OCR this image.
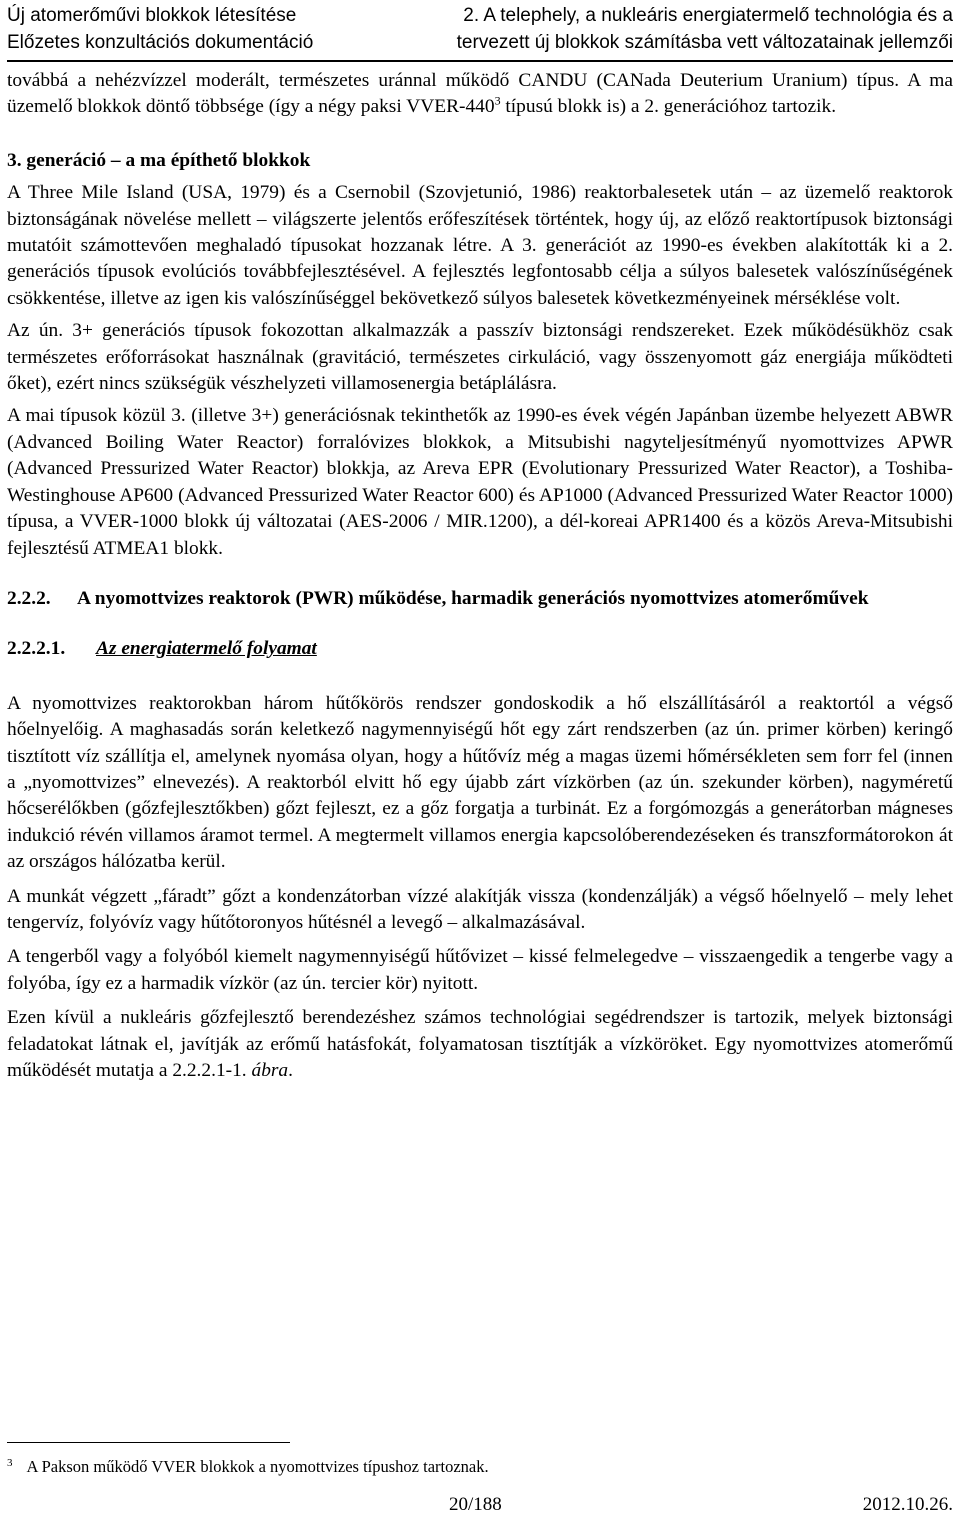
Új atomerőművi blokkok létesítése
Előzetes konzultációs dokumentáció
2. A telephely, a nukleáris energiatermelő technológia és a
tervezett új blokkok számításba vett változatainak jellemzői

továbbá a nehézvízzel moderált, természetes uránnal működő CANDU (CANada Deuterium Uranium) típus. A ma üzemelő blokkok döntő többsége (így a négy paksi VVER-$440^3$ típusú blokk is) a 2. generációhoz tartozik.

3. generáció – a ma építhető blokkok

A Three Mile Island (USA, 1979) és a Csernobil (Szovjetunió, 1986) reaktorbalesetek után – az üzemelő reaktorok biztonságának növelése mellett – világszerte jelentős erőfeszítések történtek, hogy új, az előző reaktortípusok biztonsági mutatóit számottevően meghaladó típusokat hozzanak létre. A 3. generációt az 1990-es években alakították ki a 2. generációs típusok evolúciós továbbfejlesztésével. A fejlesztés legfontosabb célja a súlyos balesetek valószínűségének csökkentése, illetve az igen kis valószínűséggel bekövetkező súlyos balesetek következményeinek mérséklése volt.

Az ún. 3+ generációs típusok fokozottan alkalmazzák a passzív biztonsági rendszereket. Ezek működésükhöz csak természetes erőforrásokat használnak (gravitáció, természetes cirkuláció, vagy összenyomott gáz energiája működteti őket), ezért nincs szükségük vészhelyzeti villamosenergia betáplálásra.

A mai típusok közül 3. (illetve 3+) generációsnak tekinthetők az 1990-es évek végén Japánban üzembe helyezett ABWR (Advanced Boiling Water Reactor) forralóvizes blokkok, a Mitsubishi nagyteljesítményű nyomottvizes APWR (Advanced Pressurized Water Reactor) blokkja, az Areva EPR (Evolutionary Pressurized Water Reactor), a Toshiba-Westinghouse AP600 (Advanced Pressurized Water Reactor 600) és AP1000 (Advanced Pressurized Water Reactor 1000) típusa, a VVER-1000 blokk új változatai (AES-2006 / MIR.1200), a dél-koreai APR1400 és a közös Areva-Mitsubishi fejlesztésű ATMEA1 blokk.

2.2.2.	A nyomottvizes reaktorok (PWR) működése, harmadik generációs nyomottvizes atomerőművek
2.2.2.1.	Az energiatermelő folyamat

A nyomottvizes reaktorokban három hűtőkörös rendszer gondoskodik a hő elszállításáról a reaktortól a végső hőelnyelőig. A maghasadás során keletkező nagymennyiségű hőt egy zárt rendszerben (az ún. primer körben) keringő tisztított víz szállítja el, amelynek nyomása olyan, hogy a hűtővíz még a magas üzemi hőmérsékleten sem forr fel (innen a „nyomottvizes” elnevezés). A reaktorból elvitt hő egy újabb zárt vízkörben (az ún. szekunder körben), nagyméretű hőcserélőkben (gőzfejlesztőkben) gőzt fejleszt, ez a gőz forgatja a turbinát. Ez a forgómozgás a generátorban mágneses indukció révén villamos áramot termel. A megtermelt villamos energia kapcsolóberendezéseken és transzformátorokon át az országos hálózatba kerül.

A munkát végzett „fáradt” gőzt a kondenzátorban vízzé alakítják vissza (kondenzálják) a végső hőelnyelő – mely lehet tengervíz, folyóvíz vagy hűtőtoronyos hűtésnél a levegő – alkalmazásával.

A tengerből vagy a folyóból kiemelt nagymennyiségű hűtővizet – kissé felmelegedve – visszaengedik a tengerbe vagy a folyóba, így ez a harmadik vízkör (az ún. tercier kör) nyitott.

Ezen kívül a nukleáris gőzfejlesztő berendezéshez számos technológiai segédrendszer is tartozik, melyek biztonsági feladatokat látnak el, javítják az erőmű hatásfokát, folyamatosan tisztítják a vízköröket. Egy nyomottvizes atomerőmű működését mutatja a 2.2.2.1-1. ábra.

$^3$ A Pakson működő VVER blokkok a nyomottvizes típushoz tartoznak.
20/188	2012.10.26.
